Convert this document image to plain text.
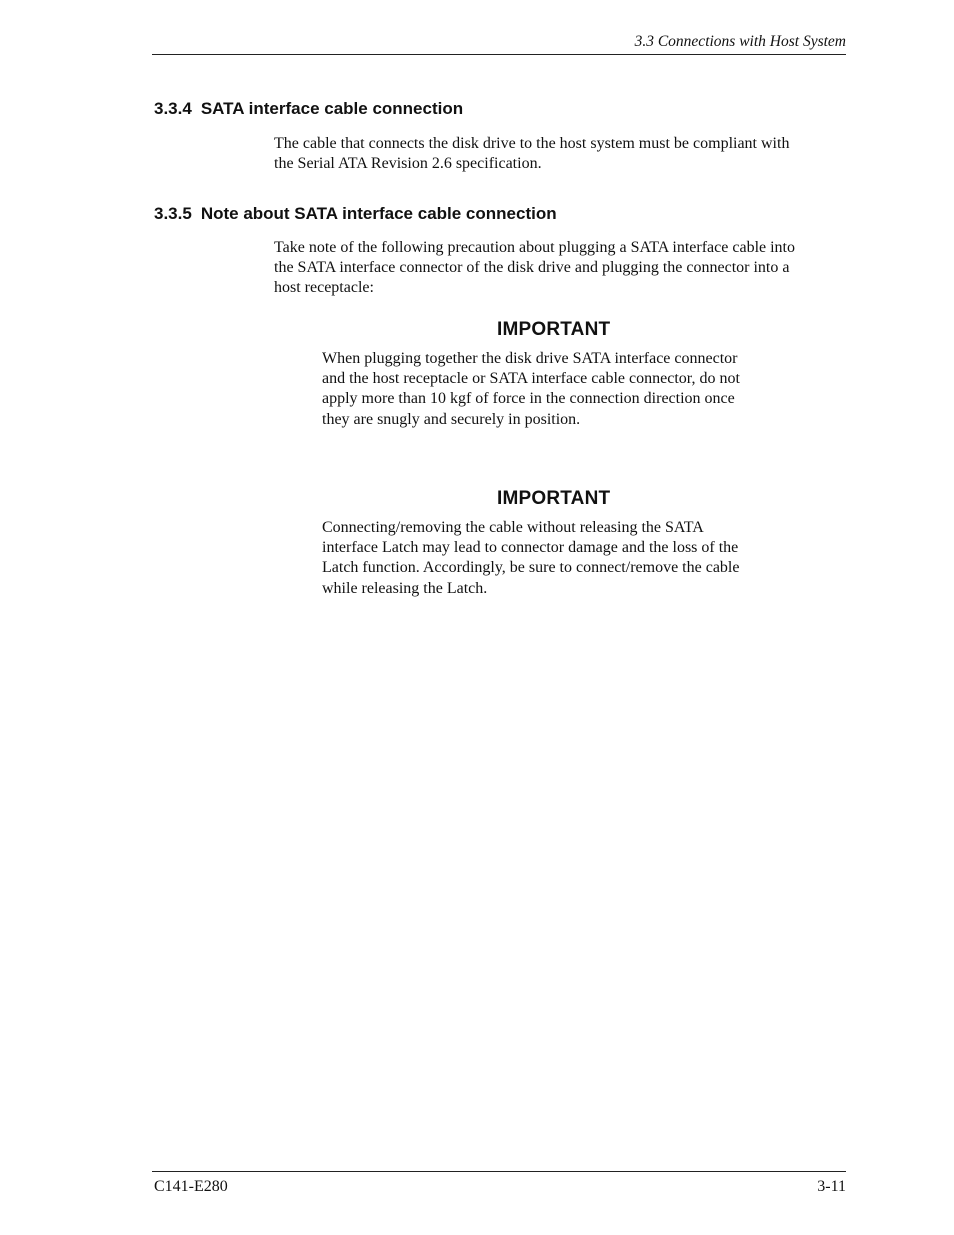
3.3 Connections with Host System
3.3.4 SATA interface cable connection
The cable that connects the disk drive to the host system must be compliant with
the Serial ATA Revision 2.6 specification.
3.3.5 Note about SATA interface cable connection
Take note of the following precaution about plugging a SATA interface cable into
the SATA interface connector of the disk drive and plugging the connector into a
host receptacle:
IMPORTANT
When plugging together the disk drive SATA interface connector
and the host receptacle or SATA interface cable connector, do not
apply more than 10 kgf of force in the connection direction once
they are snugly and securely in position.
IMPORTANT
Connecting/removing the cable without releasing the SATA
interface Latch may lead to connector damage and the loss of the
Latch function. Accordingly, be sure to connect/remove the cable
while releasing the Latch.
C141-E280	3-11
